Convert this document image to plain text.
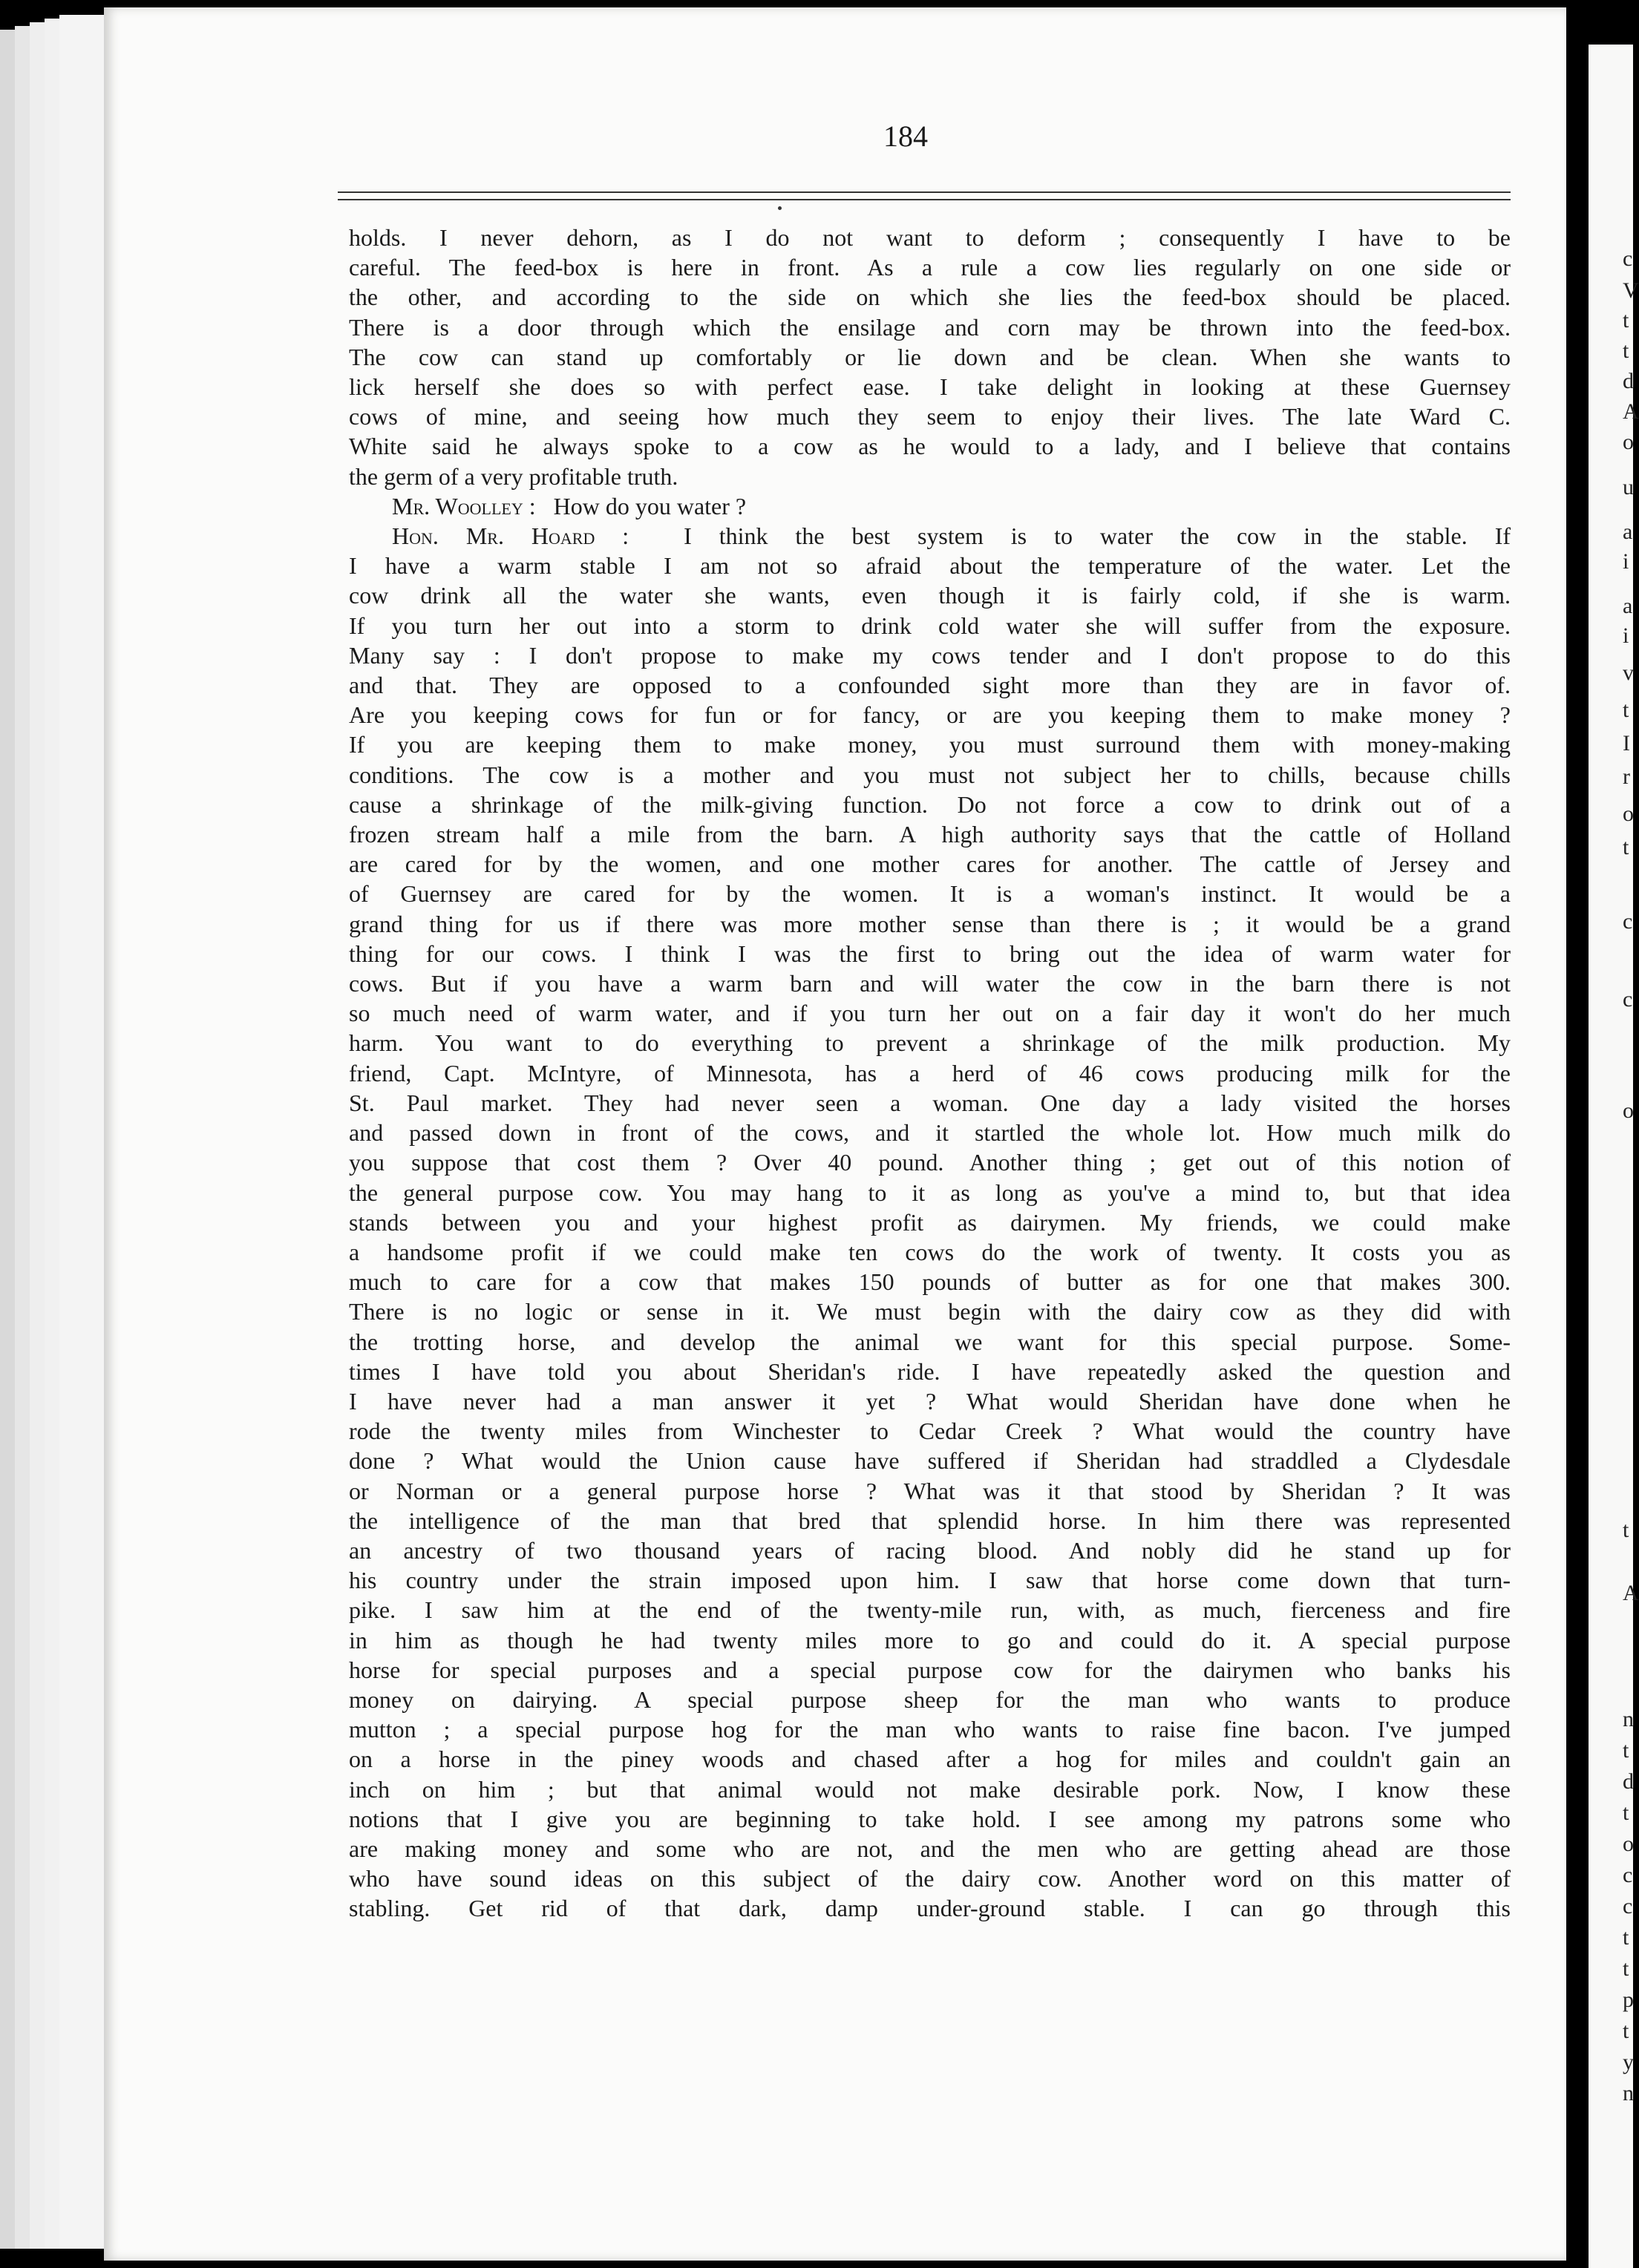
184
holds. I never dehorn, as I do not want to deform ; consequently I have to be
careful. The feed-box is here in front. As a rule a cow lies regularly on one side or
the other, and according to the side on which she lies the feed-box should be placed.
There is a door through which the ensilage and corn may be thrown into the feed-box.
The cow can stand up comfortably or lie down and be clean. When she wants to
lick herself she does so with perfect ease. I take delight in looking at these Guernsey
cows of mine, and seeing how much they seem to enjoy their lives. The late Ward C.
White said he always spoke to a cow as he would to a lady, and I believe that contains
the germ of a very profitable truth.
Mr. Woolley :   How do you water ?
Hon. Mr. Hoard :  I think the best system is to water the cow in the stable. If
I have a warm stable I am not so afraid about the temperature of the water. Let the
cow drink all the water she wants, even though it is fairly cold, if she is warm.
If you turn her out into a storm to drink cold water she will suffer from the exposure.
Many say : I don't propose to make my cows tender and I don't propose to do this
and that. They are opposed to a confounded sight more than they are in favor of.
Are you keeping cows for fun or for fancy, or are you keeping them to make money ?
If you are keeping them to make money, you must surround them with money-making
conditions. The cow is a mother and you must not subject her to chills, because chills
cause a shrinkage of the milk-giving function. Do not force a cow to drink out of a
frozen stream half a mile from the barn. A high authority says that the cattle of Holland
are cared for by the women, and one mother cares for another. The cattle of Jersey and
of Guernsey are cared for by the women. It is a woman's instinct. It would be a
grand thing for us if there was more mother sense than there is ; it would be a grand
thing for our cows. I think I was the first to bring out the idea of warm water for
cows. But if you have a warm barn and will water the cow in the barn there is not
so much need of warm water, and if you turn her out on a fair day it won't do her much
harm. You want to do everything to prevent a shrinkage of the milk production. My
friend, Capt. McIntyre, of Minnesota, has a herd of 46 cows producing milk for the
St. Paul market. They had never seen a woman. One day a lady visited the horses
and passed down in front of the cows, and it startled the whole lot. How much milk do
you suppose that cost them ? Over 40 pound. Another thing ; get out of this notion of
the general purpose cow. You may hang to it as long as you've a mind to, but that idea
stands between you and your highest profit as dairymen. My friends, we could make
a handsome profit if we could make ten cows do the work of twenty. It costs you as
much to care for a cow that makes 150 pounds of butter as for one that makes 300.
There is no logic or sense in it. We must begin with the dairy cow as they did with
the trotting horse, and develop the animal we want for this special purpose. Some-
times I have told you about Sheridan's ride. I have repeatedly asked the question and
I have never had a man answer it yet ? What would Sheridan have done when he
rode the twenty miles from Winchester to Cedar Creek ? What would the country have
done ? What would the Union cause have suffered if Sheridan had straddled a Clydesdale
or Norman or a general purpose horse ? What was it that stood by Sheridan ? It was
the intelligence of the man that bred that splendid horse. In him there was represented
an ancestry of two thousand years of racing blood. And nobly did he stand up for
his country under the strain imposed upon him. I saw that horse come down that turn-
pike. I saw him at the end of the twenty-mile run, with, as much, fierceness and fire
in him as though he had twenty miles more to go and could do it. A special purpose
horse for special purposes and a special purpose cow for the dairymen who banks his
money on dairying. A special purpose sheep for the man who wants to produce
mutton ; a special purpose hog for the man who wants to raise fine bacon. I've jumped
on a horse in the piney woods and chased after a hog for miles and couldn't gain an
inch on him ; but that animal would not make desirable pork. Now, I know these
notions that I give you are beginning to take hold. I see among my patrons some who
are making money and some who are not, and the men who are getting ahead are those
who have sound ideas on this subject of the dairy cow. Another word on this matter of
stabling. Get rid of that dark, damp under-ground stable. I can go through this
c
V
t
t
d
A
o
u
a
i
a
i
v
t
I
r
o
t
c
c
o
t
A
n
t
d
t
o
c
c
t
t
p
t
y
n
